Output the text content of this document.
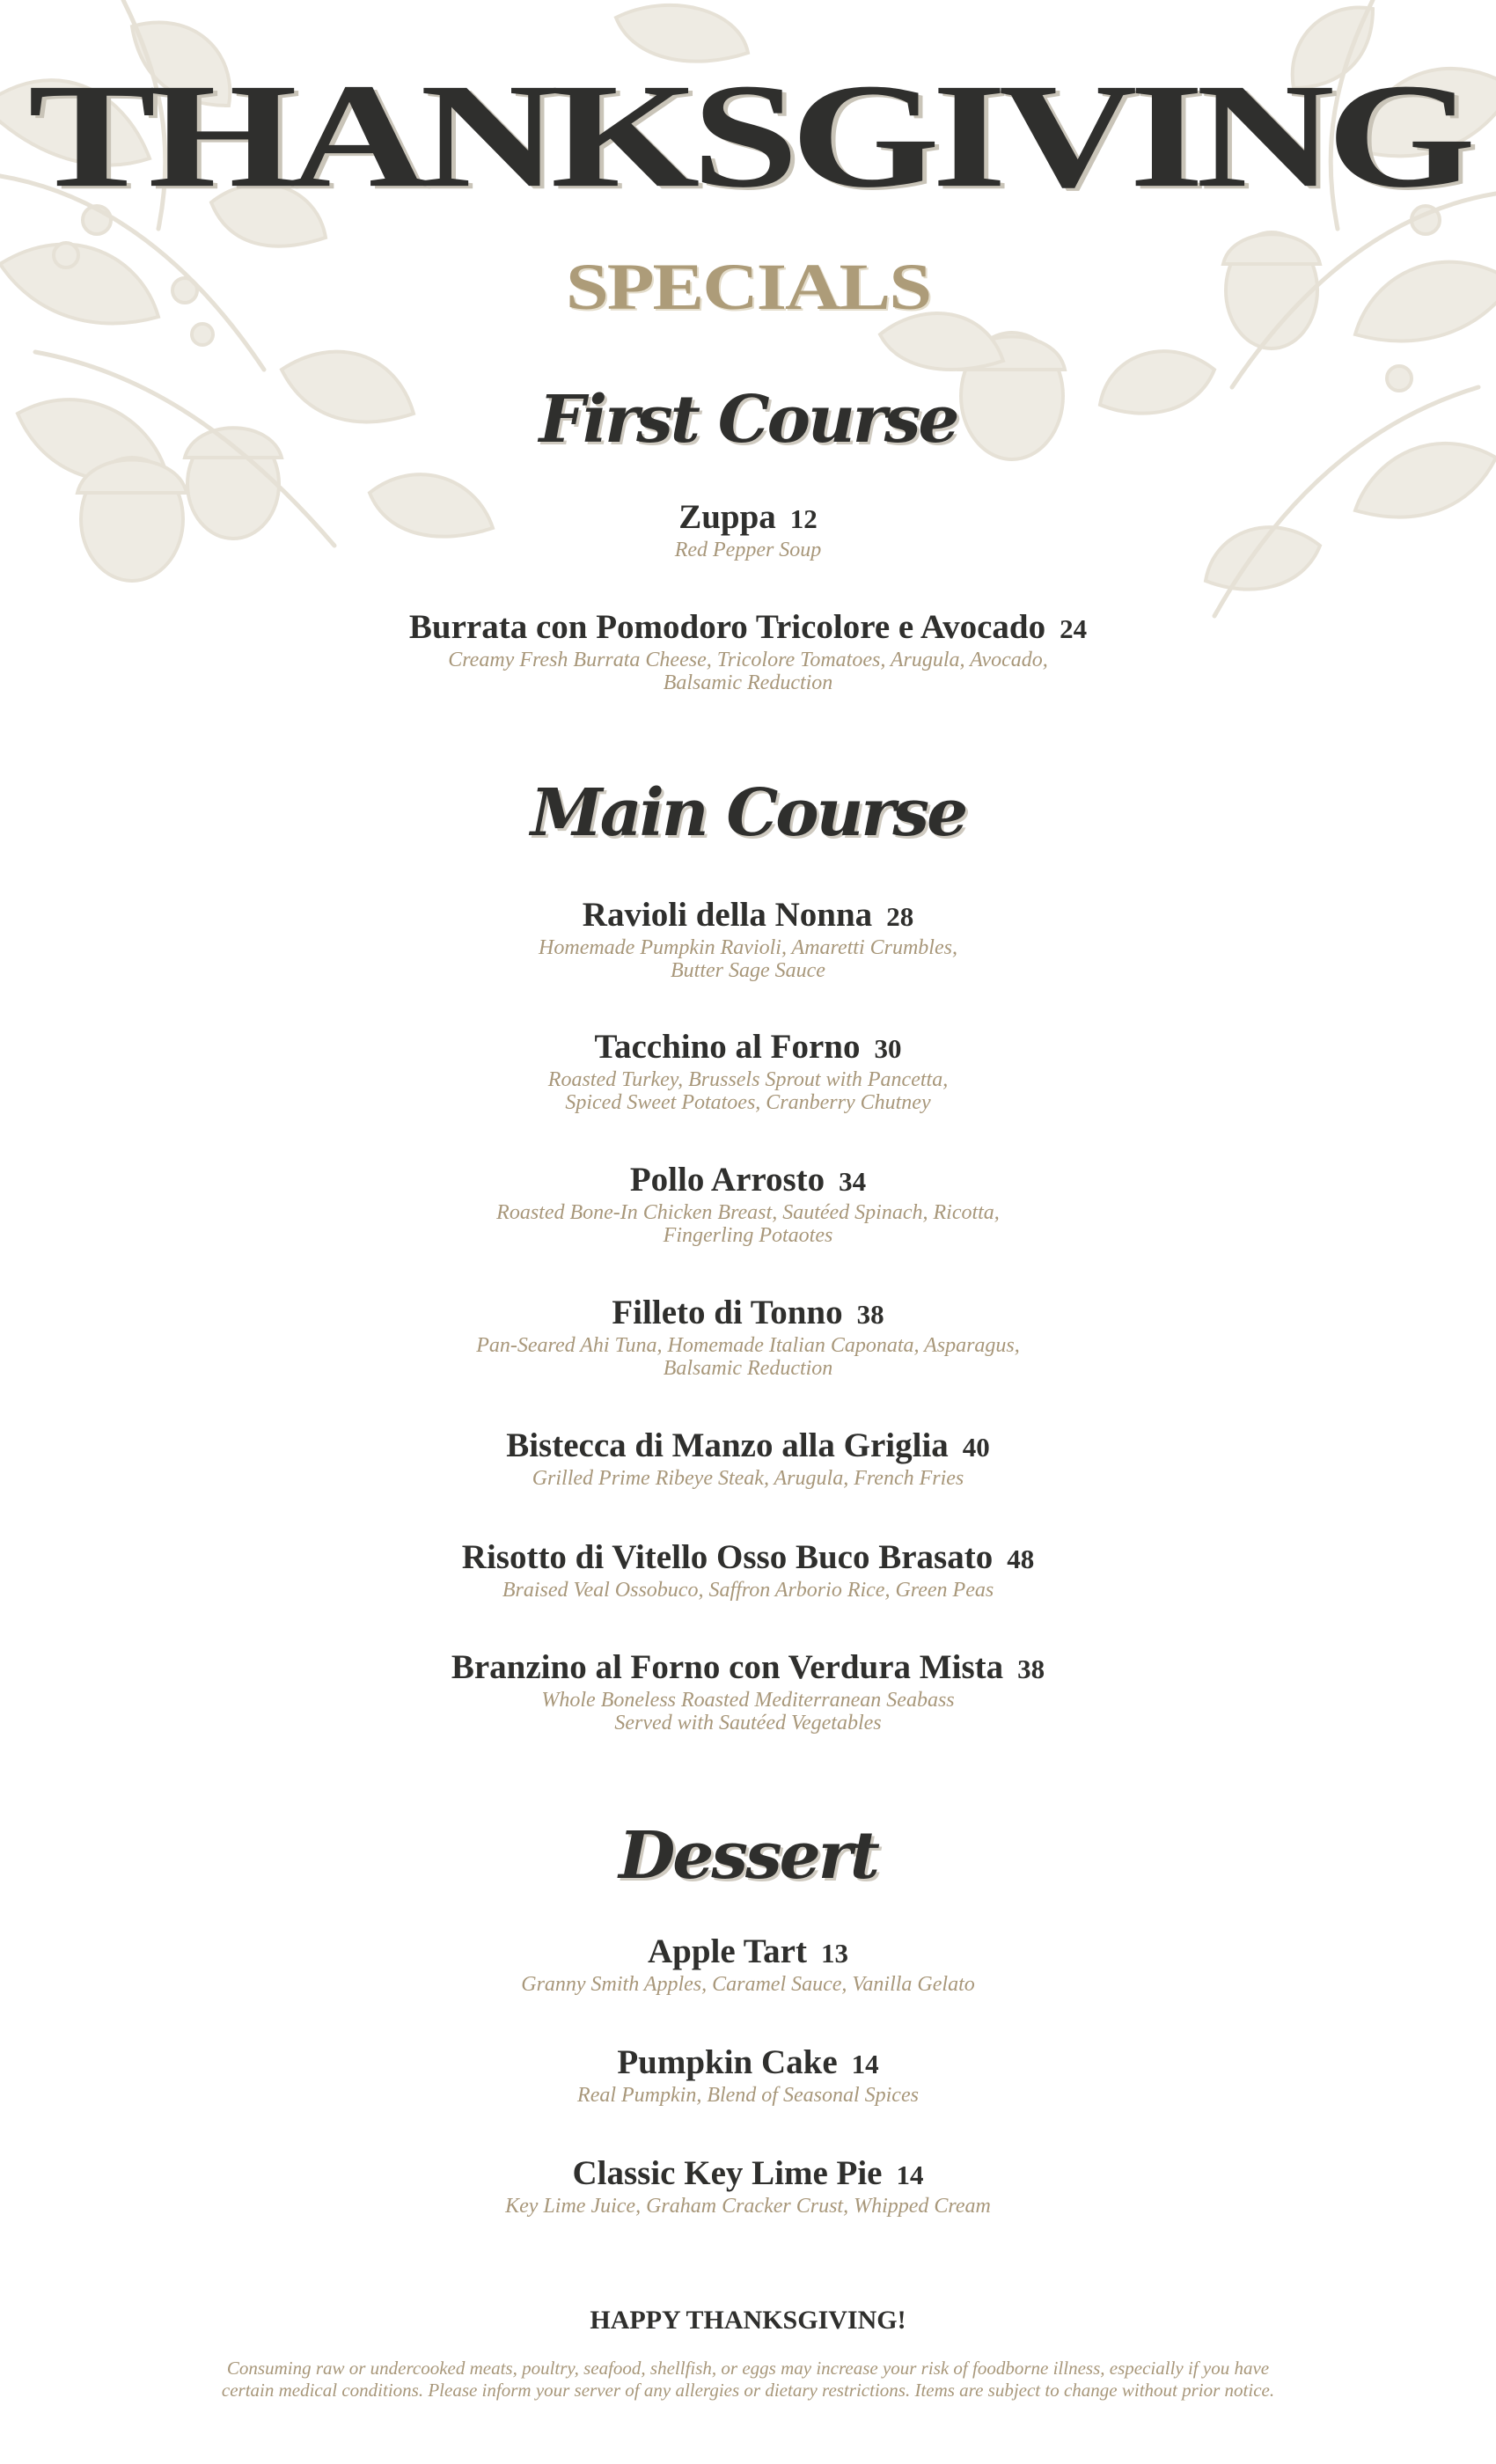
THANKSGIVING
SPECIALS
First Course
Zuppa 12
Red Pepper Soup
Burrata con Pomodoro Tricolore e Avocado 24
Creamy Fresh Burrata Cheese, Tricolore Tomatoes, Arugula, Avocado,
Balsamic Reduction
Main Course
Ravioli della Nonna 28
Homemade Pumpkin Ravioli, Amaretti Crumbles,
Butter Sage Sauce
Tacchino al Forno 30
Roasted Turkey, Brussels Sprout with Pancetta,
Spiced Sweet Potatoes, Cranberry Chutney
Pollo Arrosto 34
Roasted Bone-In Chicken Breast, Sautéed Spinach, Ricotta,
Fingerling Potaotes
Filleto di Tonno 38
Pan-Seared Ahi Tuna, Homemade Italian Caponata, Asparagus,
Balsamic Reduction
Bistecca di Manzo alla Griglia 40
Grilled Prime Ribeye Steak, Arugula, French Fries
Risotto di Vitello Osso Buco Brasato 48
Braised Veal Ossobuco, Saffron Arborio Rice, Green Peas
Branzino al Forno con Verdura Mista 38
Whole Boneless Roasted Mediterranean Seabass
Served with Sautéed Vegetables
Dessert
Apple Tart 13
Granny Smith Apples, Caramel Sauce, Vanilla Gelato
Pumpkin Cake 14
Real Pumpkin, Blend of Seasonal Spices
Classic Key Lime Pie 14
Key Lime Juice, Graham Cracker Crust, Whipped Cream
HAPPY THANKSGIVING!
Consuming raw or undercooked meats, poultry, seafood, shellfish, or eggs may increase your risk of foodborne illness, especially if you have
certain medical conditions. Please inform your server of any allergies or dietary restrictions. Items are subject to change without prior notice.
